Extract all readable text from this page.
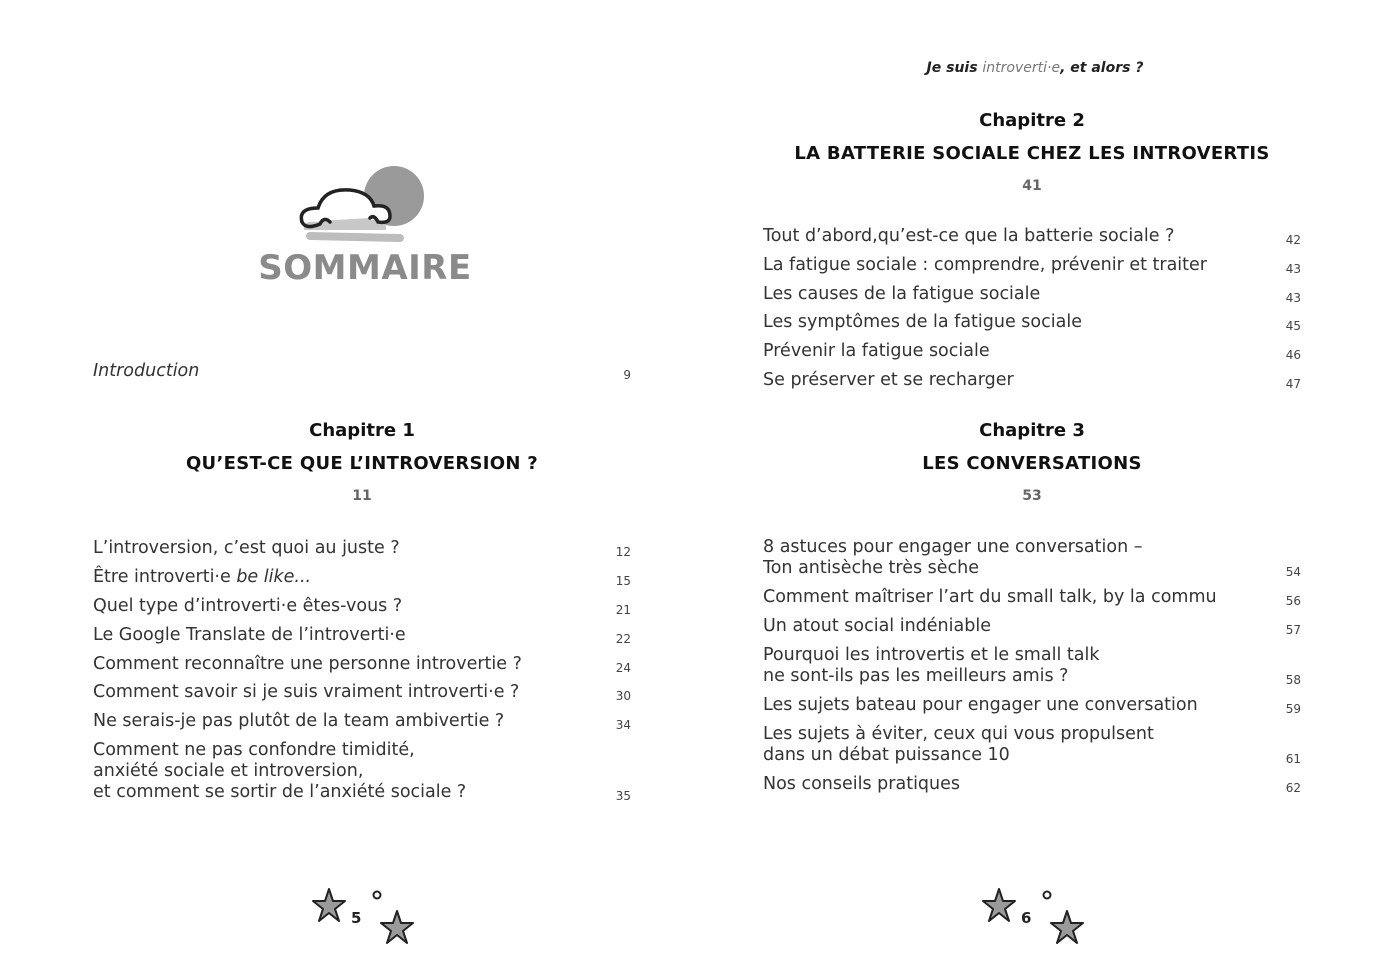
SOMMAIRE
Introduction	9
Chapitre 1
QU’EST-CE QUE L’INTROVERSION ?
11
L’introversion, c’est quoi au juste ?	12
Être introverti·e be like...	15
Quel type d’introverti·e êtes-vous ?	21
Le Google Translate de l’introverti·e	22
Comment reconnaître une personne introvertie ?	24
Comment savoir si je suis vraiment introverti·e ?	30
Ne serais-je pas plutôt de la team ambivertie ?	34
Comment ne pas confondre timidité,
anxiété sociale et introversion,
et comment se sortir de l’anxiété sociale ?	35
5
Je suis introverti·e, et alors ?
Chapitre 2
LA BATTERIE SOCIALE CHEZ LES INTROVERTIS
41
Tout d’abord,qu’est-ce que la batterie sociale ?	42
La fatigue sociale : comprendre, prévenir et traiter	43
Les causes de la fatigue sociale	43
Les symptômes de la fatigue sociale	45
Prévenir la fatigue sociale	46
Se préserver et se recharger	47
Chapitre 3
LES CONVERSATIONS
53
8 astuces pour engager une conversation –
Ton antisèche très sèche	54
Comment maîtriser l’art du small talk, by la commu	56
Un atout social indéniable	57
Pourquoi les introvertis et le small talk
ne sont-ils pas les meilleurs amis ?	58
Les sujets bateau pour engager une conversation	59
Les sujets à éviter, ceux qui vous propulsent
dans un débat puissance 10	61
Nos conseils pratiques	62
6
